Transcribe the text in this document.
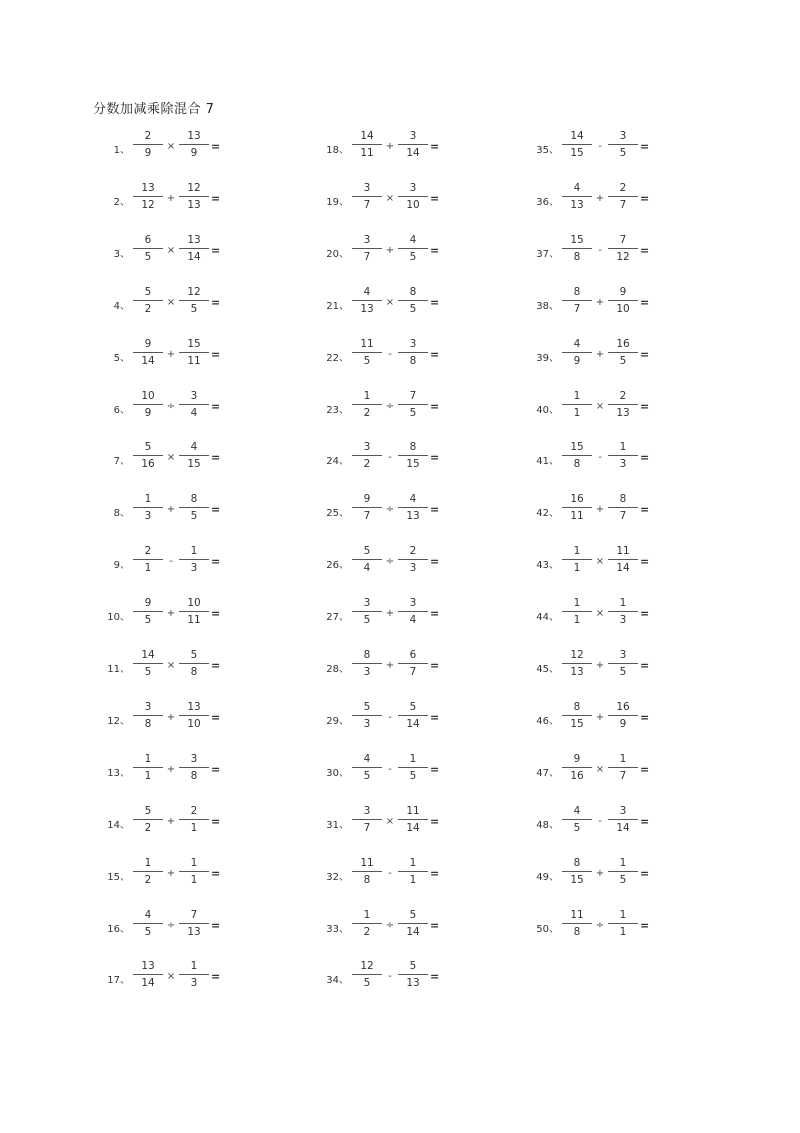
分数加减乘除混合 7
1 、	$\frac{2}{9} \times \frac{13}{9}$ =
2 、	$\frac{13}{12} + \frac{12}{13}$ =
3 、	$\frac{6}{5} \times \frac{13}{14}$ =
4 、	$\frac{5}{2} \times \frac{12}{5}$ =
5 、	$\frac{9}{14} + \frac{15}{11}$ =
6 、	$\frac{10}{9} \div \frac{3}{4}$ =
7 、	$\frac{5}{16} \times \frac{4}{15}$ =
8 、	$\frac{1}{3} + \frac{8}{5}$ =
9 、	$\frac{2}{1} - \frac{1}{3}$ =
10 、	$\frac{9}{5} + \frac{10}{11}$ =
11 、	$\frac{14}{5} \times \frac{5}{8}$ =
12 、	$\frac{3}{8} + \frac{13}{10}$ =
13 、	$\frac{1}{1} + \frac{3}{8}$ =
14 、	$\frac{5}{2} + \frac{2}{1}$ =
15 、	$\frac{1}{2} + \frac{1}{1}$ =
16 、	$\frac{4}{5} \div \frac{7}{13}$ =
17 、	$\frac{13}{14} \times \frac{1}{3}$ =
18 、	$\frac{14}{11} + \frac{3}{14}$ =
19 、	$\frac{3}{7} \times \frac{3}{10}$ =
20 、	$\frac{3}{7} + \frac{4}{5}$ =
21 、	$\frac{4}{13} \times \frac{8}{5}$ =
22 、	$\frac{11}{5} - \frac{3}{8}$ =
23 、	$\frac{1}{2} \div \frac{7}{5}$ =
24 、	$\frac{3}{2} - \frac{8}{15}$ =
25 、	$\frac{9}{7} \div \frac{4}{13}$ =
26 、	$\frac{5}{4} \div \frac{2}{3}$ =
27 、	$\frac{3}{5} + \frac{3}{4}$ =
28 、	$\frac{8}{3} + \frac{6}{7}$ =
29 、	$\frac{5}{3} - \frac{5}{14}$ =
30 、	$\frac{4}{5} - \frac{1}{5}$ =
31 、	$\frac{3}{7} \times \frac{11}{14}$ =
32 、	$\frac{11}{8} - \frac{1}{1}$ =
33 、	$\frac{1}{2} \div \frac{5}{14}$ =
34 、	$\frac{12}{5} - \frac{5}{13}$ =
35 、	$\frac{14}{15} - \frac{3}{5}$ =
36 、	$\frac{4}{13} + \frac{2}{7}$ =
37 、	$\frac{15}{8} - \frac{7}{12}$ =
38 、	$\frac{8}{7} + \frac{9}{10}$ =
39 、	$\frac{4}{9} + \frac{16}{5}$ =
40 、	$\frac{1}{1} \times \frac{2}{13}$ =
41 、	$\frac{15}{8} - \frac{1}{3}$ =
42 、	$\frac{16}{11} + \frac{8}{7}$ =
43 、	$\frac{1}{1} \times \frac{11}{14}$ =
44 、	$\frac{1}{1} \times \frac{1}{3}$ =
45 、	$\frac{12}{13} + \frac{3}{5}$ =
46 、	$\frac{8}{15} + \frac{16}{9}$ =
47 、	$\frac{9}{16} \times \frac{1}{7}$ =
48 、	$\frac{4}{5} - \frac{3}{14}$ =
49 、	$\frac{8}{15} + \frac{1}{5}$ =
50 、	$\frac{11}{8} \div \frac{1}{1}$ =
